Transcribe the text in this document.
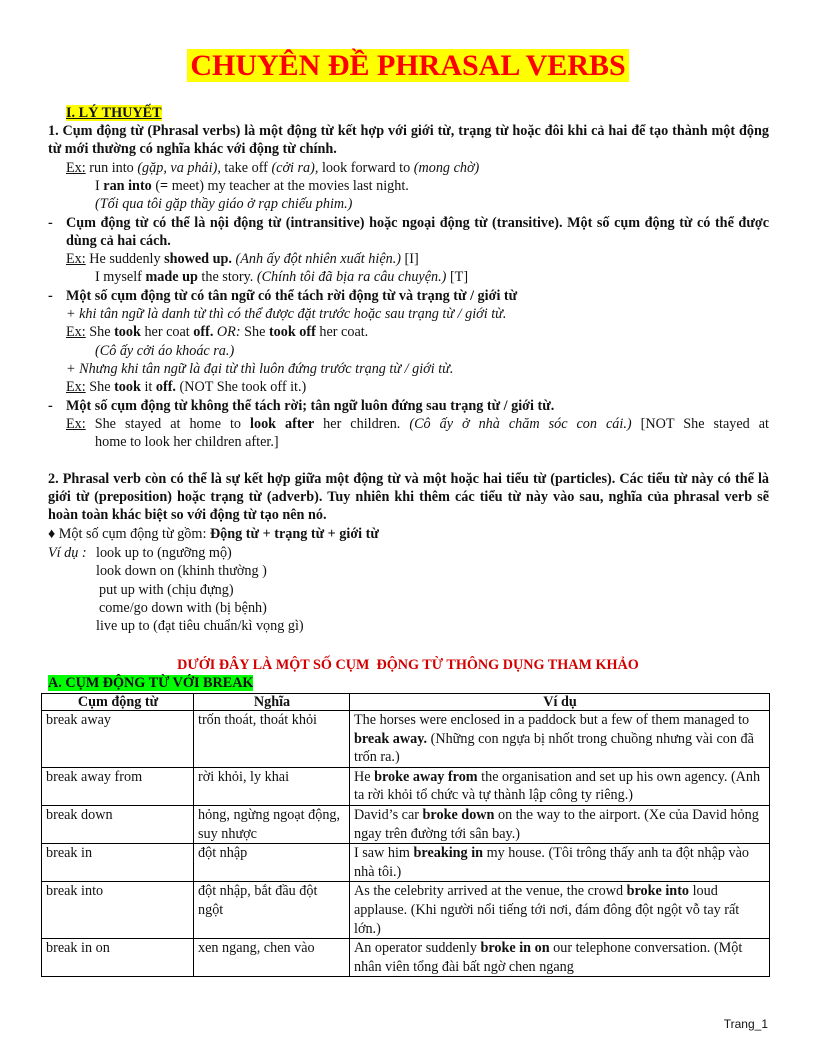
CHUYÊN ĐỀ PHRASAL VERBS
I. LÝ THUYẾT
1. Cụm động từ (Phrasal verbs) là một động từ kết hợp với giới từ, trạng từ hoặc đôi khi cả hai để tạo thành một động từ mới thường có nghĩa khác với động từ chính.
Ex: run into (gặp, va phải), take off (cởi ra), look forward to (mong chờ)
I ran into (= meet) my teacher at the movies last night.
(Tối qua tôi gặp thầy giáo ở rạp chiếu phim.)
- Cụm động từ có thể là nội động từ (intransitive) hoặc ngoại động từ (transitive). Một số cụm động từ có thể được dùng cả hai cách.
Ex: He suddenly showed up. (Anh ấy đột nhiên xuất hiện.) [I]
I myself made up the story. (Chính tôi đã bịa ra câu chuyện.) [T]
- Một số cụm động từ có tân ngữ có thể tách rời động từ và trạng từ / giới từ
+ khi tân ngữ là danh từ thì có thể được đặt trước hoặc sau trạng từ / giới từ.
Ex: She took her coat off. OR: She took off her coat.
(Cô ấy cởi áo khoác ra.)
+ Nhưng khi tân ngữ là đại từ thì luôn đứng trước trạng từ / giới từ.
Ex: She took it off. (NOT She took off it.)
- Một số cụm động từ không thể tách rời; tân ngữ luôn đứng sau trạng từ / giới từ.
Ex: She stayed at home to look after her children. (Cô ấy ở nhà chăm sóc con cái.) [NOT She stayed at
home to look her children after.]
2. Phrasal verb còn có thể là sự kết hợp giữa một động từ và một hoặc hai tiểu từ (particles). Các tiểu từ này có thể là giới từ (preposition) hoặc trạng từ (adverb). Tuy nhiên khi thêm các tiểu từ này vào sau, nghĩa của phrasal verb sẽ hoàn toàn khác biệt so với động từ tạo nên nó.
♦ Một số cụm động từ gồm: Động từ + trạng từ + giới từ
Ví dụ : look up to (ngưỡng mộ)
look down on (khinh thường )
put up with (chịu đựng)
come/go down with (bị bệnh)
live up to (đạt tiêu chuẩn/kì vọng gì)
DƯỚI ĐÂY LÀ MỘT SỐ CỤM  ĐỘNG TỪ THÔNG DỤNG THAM KHẢO
A. CỤM ĐỘNG TỪ VỚI BREAK
Cụm động từ	Nghĩa	Ví dụ
break away	trốn thoát, thoát khỏi	The horses were enclosed in a paddock but a few of them managed to break away. (Những con ngựa bị nhốt trong chuồng nhưng vài con đã trốn ra.)
break away from	rời khỏi, ly khai	He broke away from the organisation and set up his own agency. (Anh ta rời khỏi tổ chức và tự thành lập công ty riêng.)
break down	hỏng, ngừng ngoạt động, suy nhược	David’s car broke down on the way to the airport. (Xe của David hỏng ngay trên đường tới sân bay.)
break in	đột nhập	I saw him breaking in my house. (Tôi trông thấy anh ta đột nhập vào nhà tôi.)
break into	đột nhập, bắt đầu đột ngột	As the celebrity arrived at the venue, the crowd broke into loud applause. (Khi người nổi tiếng tới nơi, đám đông đột ngột vỗ tay rất lớn.)
break in on	xen ngang, chen vào	An operator suddenly broke in on our telephone conversation. (Một nhân viên tổng đài bất ngờ chen ngang
Trang_1
